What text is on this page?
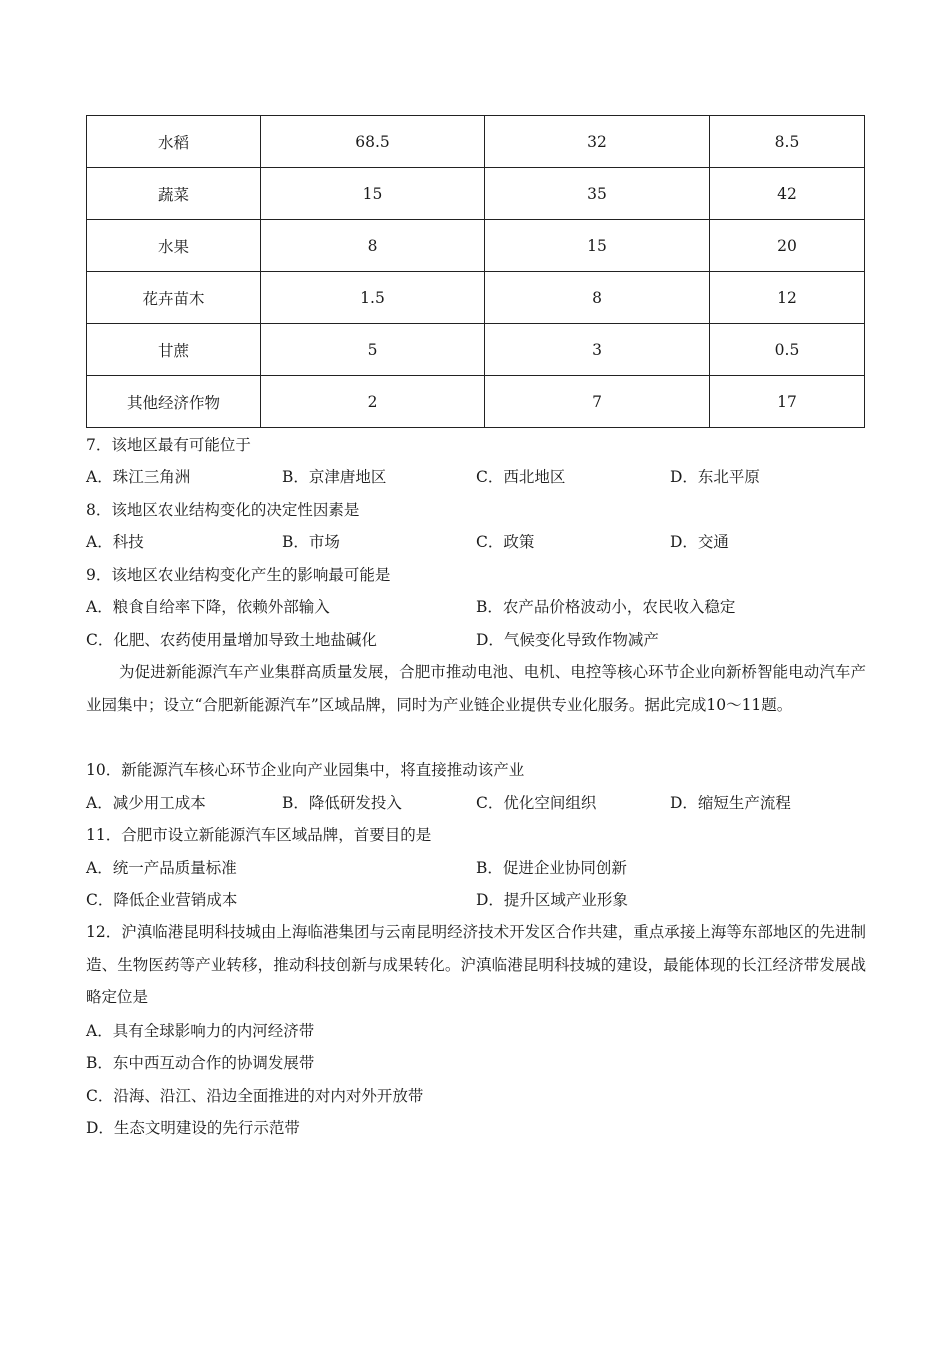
水稻	68.5	32	8.5
蔬菜	15	35	42
水果	8	15	20
花卉苗木	1.5	8	12
甘蔗	5	3	0.5
其他经济作物	2	7	17
7．该地区最有可能位于
A．珠江三角洲	B．京津唐地区	C．西北地区	D．东北平原
8．该地区农业结构变化的决定性因素是
A．科技	B．市场	C．政策	D．交通
9．该地区农业结构变化产生的影响最可能是
A．粮食自给率下降，依赖外部输入	B．农产品价格波动小，农民收入稳定
C．化肥、农药使用量增加导致土地盐碱化	D．气候变化导致作物减产
为促进新能源汽车产业集群高质量发展，合肥市推动电池、电机、电控等核心环节企业向新桥智能电动汽车产业园集中；设立“合肥新能源汽车”区域品牌，同时为产业链企业提供专业化服务。据此完成10～11题。
10．新能源汽车核心环节企业向产业园集中，将直接推动该产业
A．减少用工成本	B．降低研发投入	C．优化空间组织	D．缩短生产流程
11．合肥市设立新能源汽车区域品牌，首要目的是
A．统一产品质量标准	B．促进企业协同创新
C．降低企业营销成本	D．提升区域产业形象
12．沪滇临港昆明科技城由上海临港集团与云南昆明经济技术开发区合作共建，重点承接上海等东部地区的先进制造、生物医药等产业转移，推动科技创新与成果转化。沪滇临港昆明科技城的建设，最能体现的长江经济带发展战略定位是
A．具有全球影响力的内河经济带
B．东中西互动合作的协调发展带
C．沿海、沿江、沿边全面推进的对内对外开放带
D．生态文明建设的先行示范带
